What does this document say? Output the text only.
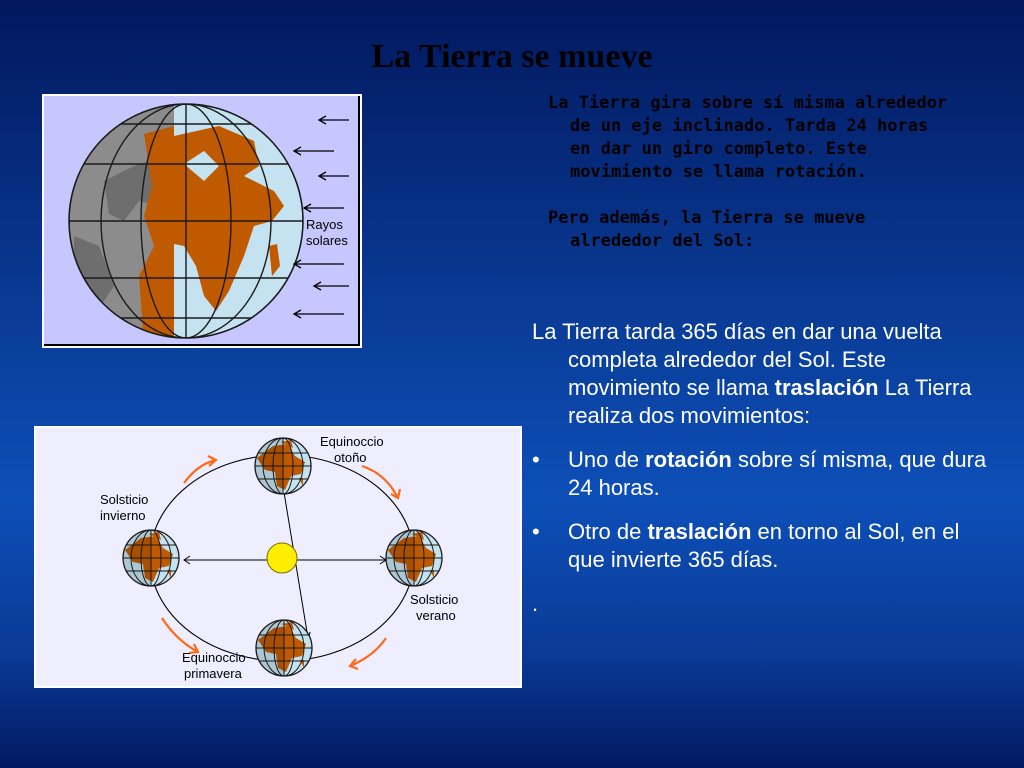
La Tierra se mueve
Rayos
solares
Equinoccio
otoño
Solsticio
invierno
Solsticio
verano
Equinoccio
primavera

La Tierra gira sobre sí misma alrededor de un eje inclinado. Tarda 24 horas en dar un giro completo. Este movimiento se llama rotación.

Pero además, la Tierra se mueve alrededor del Sol:

La Tierra tarda 365 días en dar una vuelta completa alrededor del Sol. Este movimiento se llama traslación La Tierra realiza dos movimientos:

• Uno de rotación sobre sí misma, que dura 24 horas.
• Otro de traslación en torno al Sol, en el que invierte 365 días.
.
